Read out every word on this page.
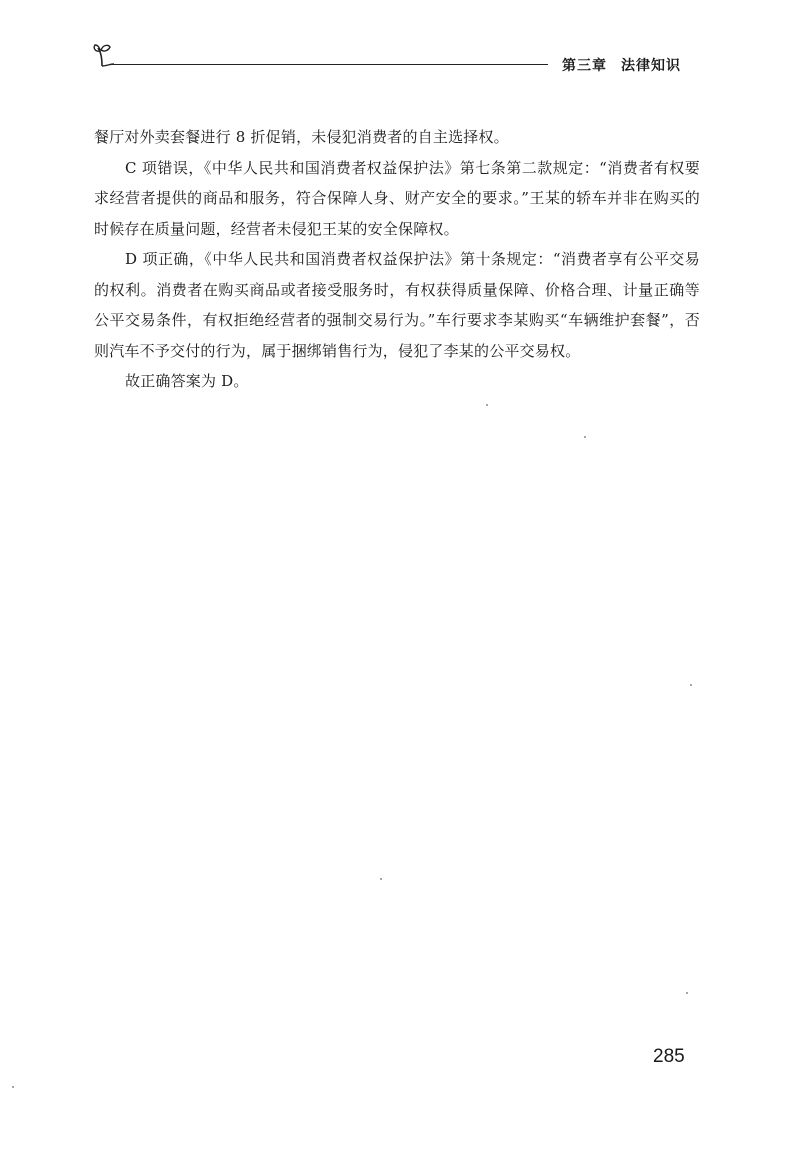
第三章 法律知识

餐厅对外卖套餐进行 8 折促销，未侵犯消费者的自主选择权。

C 项错误，《中华人民共和国消费者权益保护法》第七条第二款规定：“消费者有权要求经营者提供的商品和服务，符合保障人身、财产安全的要求。”王某的轿车并非在购买的时候存在质量问题，经营者未侵犯王某的安全保障权。

D 项正确，《中华人民共和国消费者权益保护法》第十条规定：“消费者享有公平交易的权利。消费者在购买商品或者接受服务时，有权获得质量保障、价格合理、计量正确等公平交易条件，有权拒绝经营者的强制交易行为。”车行要求李某购买“车辆维护套餐”，否则汽车不予交付的行为，属于捆绑销售行为，侵犯了李某的公平交易权。

故正确答案为 D。

285
